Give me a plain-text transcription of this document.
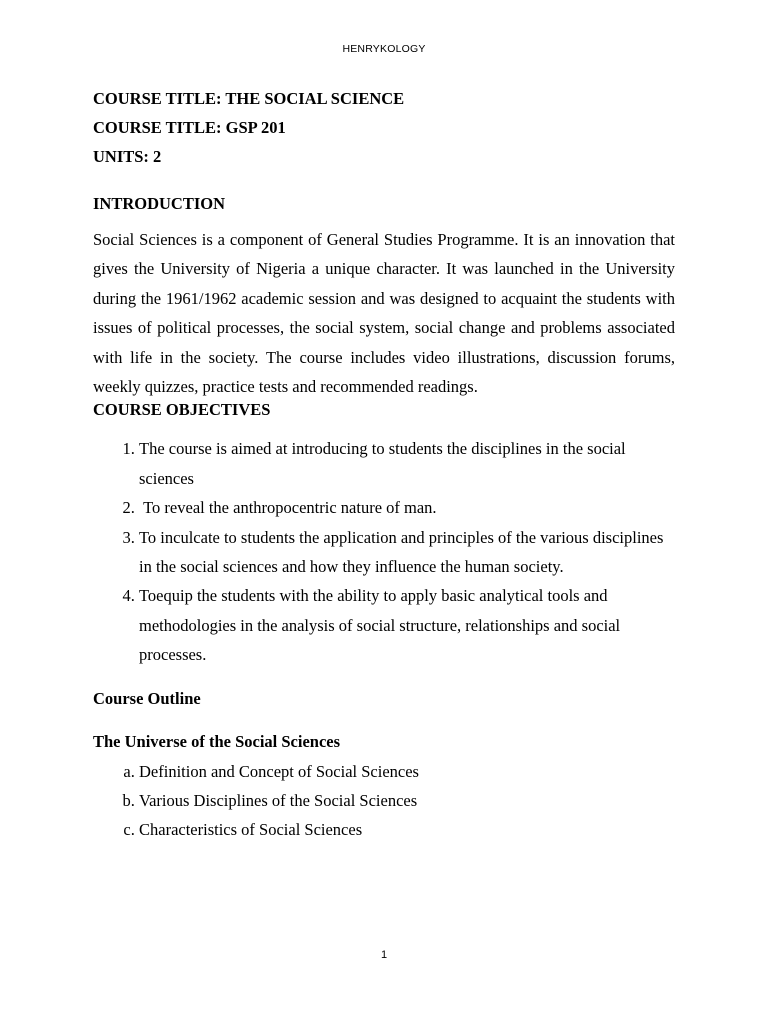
HENRYKOLOGY

COURSE TITLE: THE SOCIAL SCIENCE

COURSE TITLE: GSP 201

UNITS: 2

INTRODUCTION

Social Sciences is a component of General Studies Programme. It is an innovation that gives the University of Nigeria a unique character. It was launched in the University during the 1961/1962 academic session and was designed to acquaint the students with issues of political processes, the social system, social change and problems associated with life in the society. The course includes video illustrations, discussion forums, weekly quizzes, practice tests and recommended readings.

COURSE OBJECTIVES

1. The course is aimed at introducing to students the disciplines in the social sciences
2.  To reveal the anthropocentric nature of man.
3. To inculcate to students the application and principles of the various disciplines in the social sciences and how they influence the human society.
4. Toequip the students with the ability to apply basic analytical tools and methodologies in the analysis of social structure, relationships and social processes.

Course Outline

The Universe of the Social Sciences

a. Definition and Concept of Social Sciences
b. Various Disciplines of the Social Sciences
c. Characteristics of Social Sciences
1
